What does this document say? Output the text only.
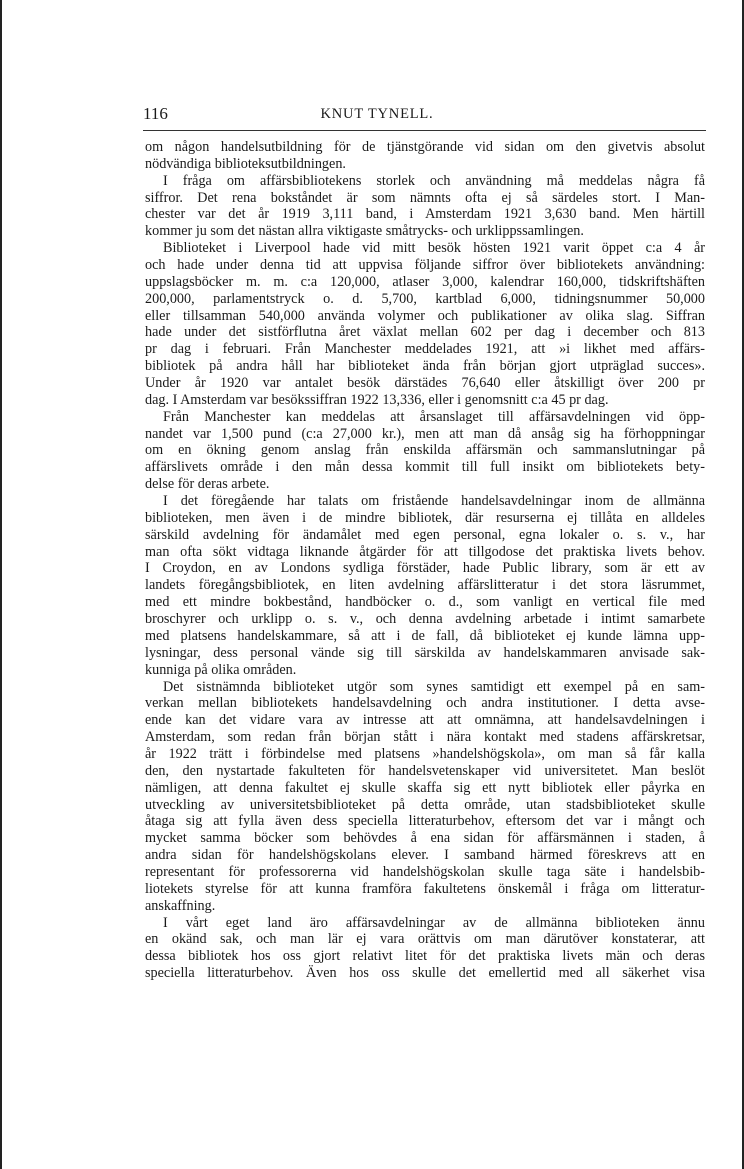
116	KNUT TYNELL.
om någon handelsutbildning för de tjänstgörande vid sidan om den givetvis absolut
nödvändiga biblioteksutbildningen.
I fråga om affärsbibliotekens storlek och användning må meddelas några få
siffror. Det rena bokståndet är som nämnts ofta ej så särdeles stort. I Man-
chester var det år 1919 3,111 band, i Amsterdam 1921 3,630 band. Men härtill
kommer ju som det nästan allra viktigaste småtrycks- och urklippssamlingen.
Biblioteket i Liverpool hade vid mitt besök hösten 1921 varit öppet c:a 4 år
och hade under denna tid att uppvisa följande siffror över bibliotekets användning:
uppslagsböcker m. m. c:a 120,000, atlaser 3,000, kalendrar 160,000, tidskriftshäften
200,000, parlamentstryck o. d. 5,700, kartblad 6,000, tidningsnummer 50,000
eller tillsamman 540,000 använda volymer och publikationer av olika slag. Siffran
hade under det sistförflutna året växlat mellan 602 per dag i december och 813
pr dag i februari. Från Manchester meddelades 1921, att »i likhet med affärs-
bibliotek på andra håll har biblioteket ända från början gjort utpräglad succes».
Under år 1920 var antalet besök därstädes 76,640 eller åtskilligt över 200 pr
dag. I Amsterdam var besökssiffran 1922 13,336, eller i genomsnitt c:a 45 pr dag.
Från Manchester kan meddelas att årsanslaget till affärsavdelningen vid öpp-
nandet var 1,500 pund (c:a 27,000 kr.), men att man då ansåg sig ha förhoppningar
om en ökning genom anslag från enskilda affärsmän och sammanslutningar på
affärslivets område i den mån dessa kommit till full insikt om bibliotekets bety-
delse för deras arbete.
I det föregående har talats om fristående handelsavdelningar inom de allmänna
biblioteken, men även i de mindre bibliotek, där resurserna ej tillåta en alldeles
särskild avdelning för ändamålet med egen personal, egna lokaler o. s. v., har
man ofta sökt vidtaga liknande åtgärder för att tillgodose det praktiska livets behov.
I Croydon, en av Londons sydliga förstäder, hade Public library, som är ett av
landets föregångsbibliotek, en liten avdelning affärslitteratur i det stora läsrummet,
med ett mindre bokbestånd, handböcker o. d., som vanligt en vertical file med
broschyrer och urklipp o. s. v., och denna avdelning arbetade i intimt samarbete
med platsens handelskammare, så att i de fall, då biblioteket ej kunde lämna upp-
lysningar, dess personal vände sig till särskilda av handelskammaren anvisade sak-
kunniga på olika områden.
Det sistnämnda biblioteket utgör som synes samtidigt ett exempel på en sam-
verkan mellan bibliotekets handelsavdelning och andra institutioner. I detta avse-
ende kan det vidare vara av intresse att att omnämna, att handelsavdelningen i
Amsterdam, som redan från början stått i nära kontakt med stadens affärskretsar,
år 1922 trätt i förbindelse med platsens »handelshögskola», om man så får kalla
den, den nystartade fakulteten för handelsvetenskaper vid universitetet. Man beslöt
nämligen, att denna fakultet ej skulle skaffa sig ett nytt bibliotek eller påyrka en
utveckling av universitetsbiblioteket på detta område, utan stadsbiblioteket skulle
åtaga sig att fylla även dess speciella litteraturbehov, eftersom det var i mångt och
mycket samma böcker som behövdes å ena sidan för affärsmännen i staden, å
andra sidan för handelshögskolans elever. I samband härmed föreskrevs att en
representant för professorerna vid handelshögskolan skulle taga säte i handelsbib-
liotekets styrelse för att kunna framföra fakultetens önskemål i fråga om litteratur-
anskaffning.
I vårt eget land äro affärsavdelningar av de allmänna biblioteken ännu
en okänd sak, och man lär ej vara orättvis om man därutöver konstaterar, att
dessa bibliotek hos oss gjort relativt litet för det praktiska livets män och deras
speciella litteraturbehov. Även hos oss skulle det emellertid med all säkerhet visa
